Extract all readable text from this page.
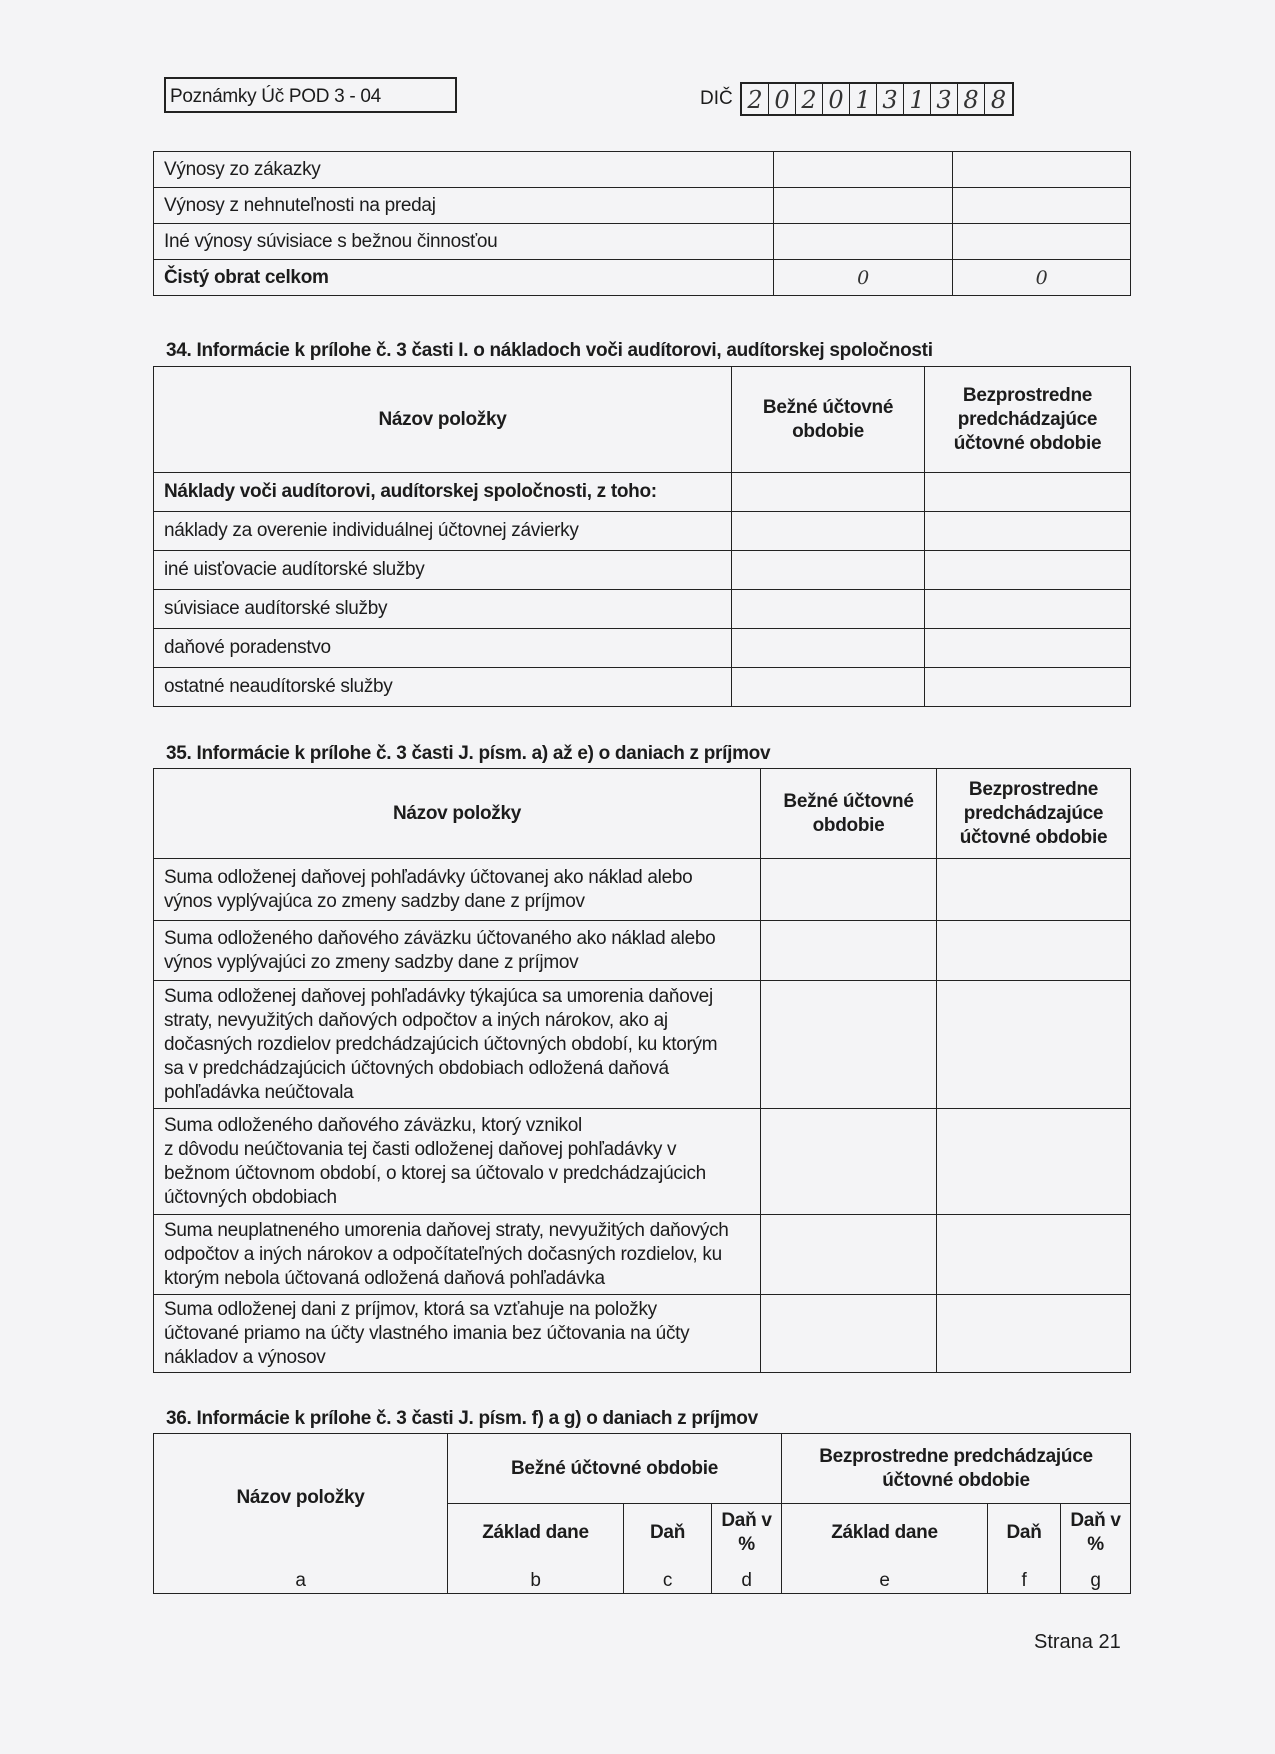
Poznámky Úč POD 3 - 04	DIČ 2 0 2 0 1 3 1 3 8 8
Výnosy zo zákazky		
Výnosy z nehnuteľnosti na predaj		
Iné výnosy súvisiace s bežnou činnosťou		
Čistý obrat celkom	0	0
34. Informácie k prílohe č. 3 časti I. o nákladoch voči audítorovi, audítorskej spoločnosti
Názov položky	Bežné účtovné obdobie	Bezprostredne predchádzajúce účtovné obdobie
Náklady voči audítorovi, audítorskej spoločnosti, z toho:		
náklady za overenie individuálnej účtovnej závierky		
iné uisťovacie audítorské služby		
súvisiace audítorské služby		
daňové poradenstvo		
ostatné neaudítorské služby		
35. Informácie k prílohe č. 3 časti J. písm. a) až e) o daniach z príjmov
Názov položky	Bežné účtovné obdobie	Bezprostredne predchádzajúce účtovné obdobie

Suma odloženej daňovej pohľadávky účtovanej ako náklad alebo
výnos vyplývajúca zo zmeny sadzby dane z príjmov		

Suma odloženého daňového záväzku účtovaného ako náklad alebo
výnos vyplývajúci zo zmeny sadzby dane z príjmov		

Suma odloženej daňovej pohľadávky týkajúca sa umorenia daňovej
straty, nevyužitých daňových odpočtov a iných nárokov, ako aj
dočasných rozdielov predchádzajúcich účtovných období, ku ktorým
sa v predchádzajúcich účtovných obdobiach odložená daňová
pohľadávka neúčtovala		

Suma odloženého daňového záväzku, ktorý vznikol
z dôvodu neúčtovania tej časti odloženej daňovej pohľadávky v
bežnom účtovnom období, o ktorej sa účtovalo v predchádzajúcich
účtovných obdobiach		

Suma neuplatneného umorenia daňovej straty, nevyužitých daňových
odpočtov a iných nárokov a odpočítateľných dočasných rozdielov, ku
ktorým nebola účtovaná odložená daňová pohľadávka		

Suma odloženej dani z príjmov, ktorá sa vzťahuje na položky
účtované priamo na účty vlastného imania bez účtovania na účty
nákladov a výnosov		

36. Informácie k prílohe č. 3 časti J. písm. f) a g) o daniach z príjmov
Názov položky	Bežné účtovné obdobie			Bezprostredne predchádzajúce účtovné obdobie		
	Základ dane	Daň	Daň v %	Základ dane	Daň	Daň v %
a	b	c	d	e	f	g
Strana 21
